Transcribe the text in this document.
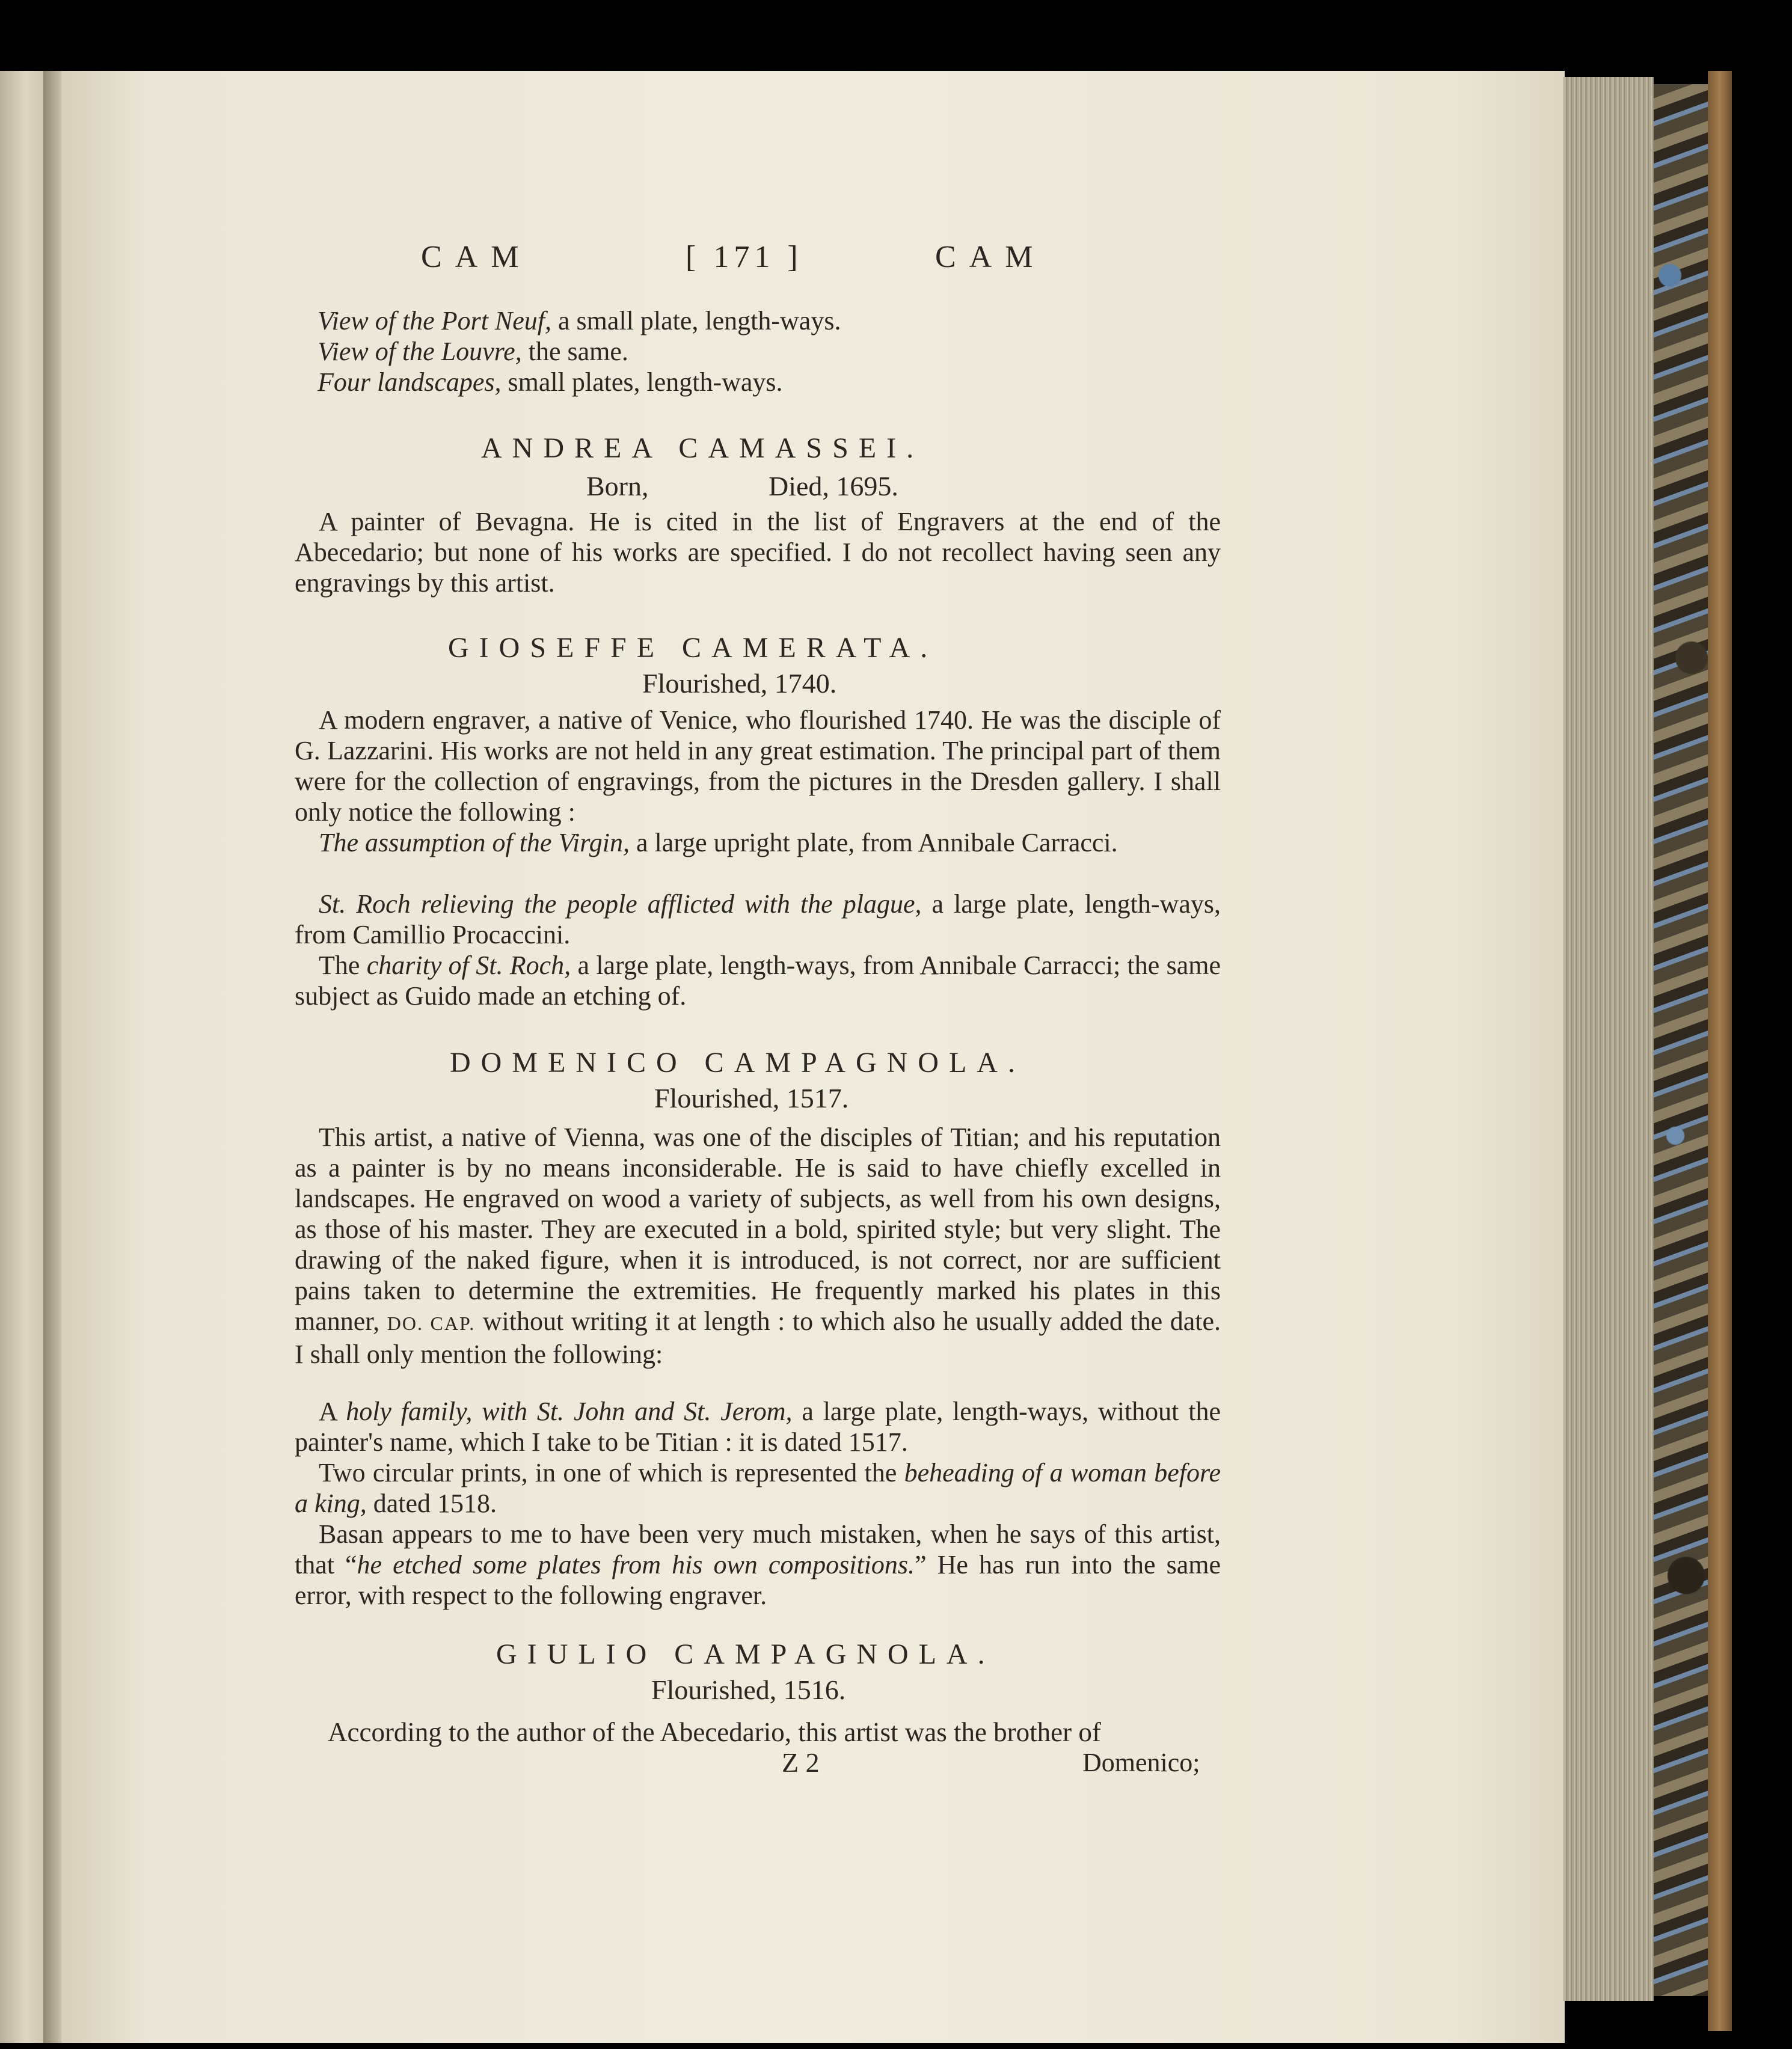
CAM	[ 171 ]	CAM
View of the Port Neuf, a small plate, length-ways.
View of the Louvre, the same.
Four landscapes, small plates, length-ways.
ANDREA CAMASSEI.
Born,	Died, 1695.
A painter of Bevagna. He is cited in the list of Engravers at the end of the Abecedario; but none of his works are specified. I do not recollect having seen any engravings by this artist.
GIOSEFFE CAMERATA.
Flourished, 1740.
A modern engraver, a native of Venice, who flourished 1740. He was the disciple of G. Lazzarini. His works are not held in any great estimation. The principal part of them were for the collection of engravings, from the pictures in the Dresden gallery. I shall only notice the following :
The assumption of the Virgin, a large upright plate, from Annibale Carracci.
St. Roch relieving the people afflicted with the plague, a large plate, length-ways, from Camillio Procaccini.
The charity of St. Roch, a large plate, length-ways, from Annibale Carracci; the same subject as Guido made an etching of.
DOMENICO CAMPAGNOLA.
Flourished, 1517.
This artist, a native of Vienna, was one of the disciples of Titian; and his reputation as a painter is by no means inconsiderable. He is said to have chiefly excelled in landscapes. He engraved on wood a variety of subjects, as well from his own designs, as those of his master. They are executed in a bold, spirited style; but very slight. The drawing of the naked figure, when it is introduced, is not correct, nor are sufficient pains taken to determine the extremities. He frequently marked his plates in this manner, DO. CAP. without writing it at length : to which also he usually added the date. I shall only mention the following:
A holy family, with St. John and St. Jerom, a large plate, length-ways, without the painter's name, which I take to be Titian : it is dated 1517.
Two circular prints, in one of which is represented the beheading of a woman before a king, dated 1518.
Basan appears to me to have been very much mistaken, when he says of this artist, that “he etched some plates from his own compositions.” He has run into the same error, with respect to the following engraver.
GIULIO CAMPAGNOLA.
Flourished, 1516.
According to the author of the Abecedario, this artist was the brother of
Z 2	Domenico;
